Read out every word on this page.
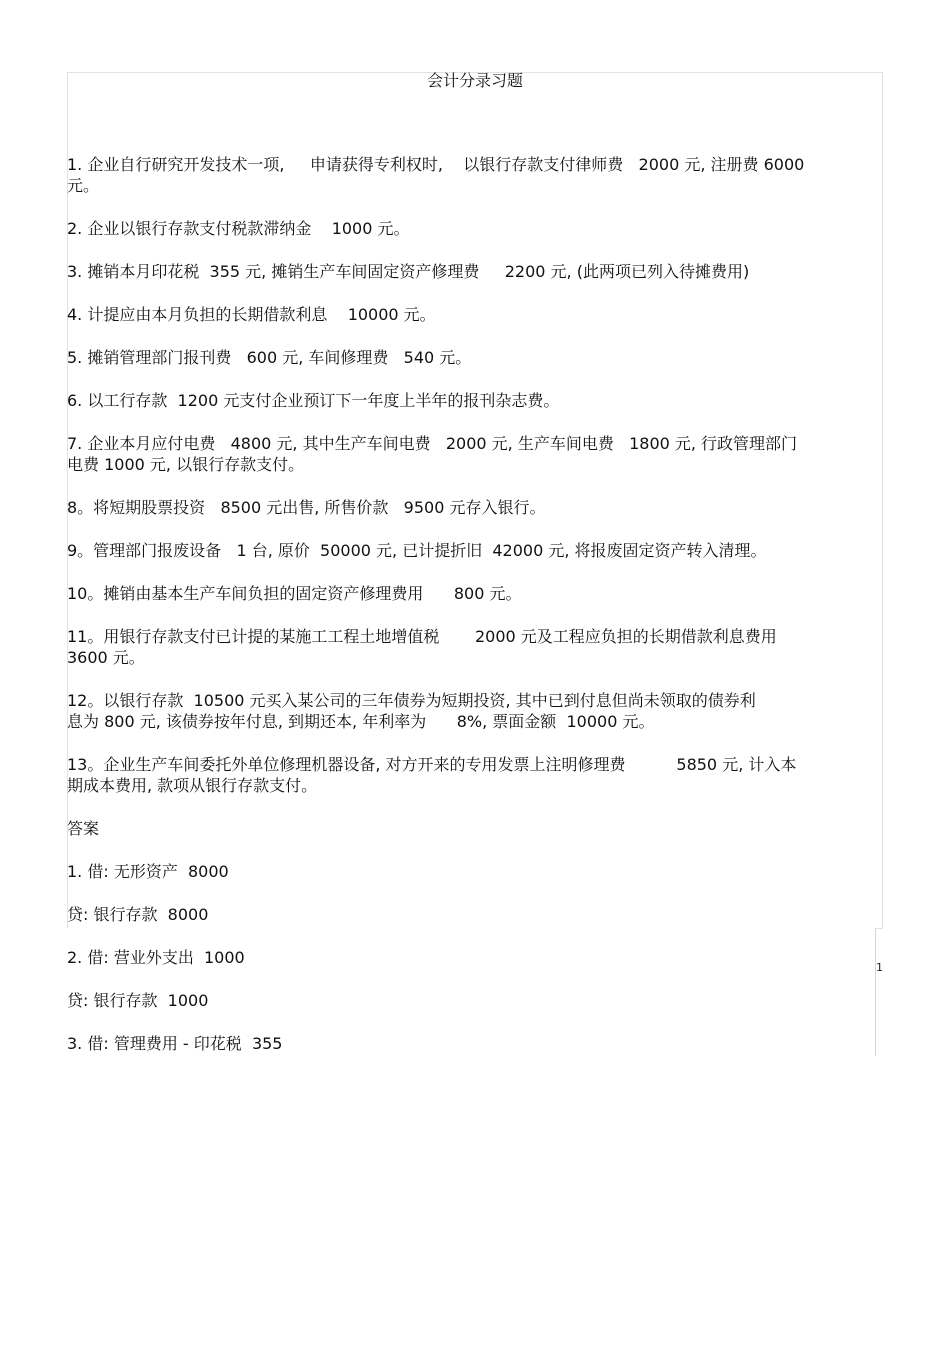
1
会计分录习题

1. 企业自行研究开发技术一项,     申请获得专利权时,    以银行存款支付律师费   2000 元, 注册费 6000
元。

2. 企业以银行存款支付税款滞纳金    1000 元。

3. 摊销本月印花税  355 元, 摊销生产车间固定资产修理费     2200 元, (此两项已列入待摊费用)

4. 计提应由本月负担的长期借款利息    10000 元。

5. 摊销管理部门报刊费   600 元, 车间修理费   540 元。

6. 以工行存款  1200 元支付企业预订下一年度上半年的报刊杂志费。

7. 企业本月应付电费   4800 元, 其中生产车间电费   2000 元, 生产车间电费   1800 元, 行政管理部门
电费 1000 元, 以银行存款支付。

8。将短期股票投资   8500 元出售, 所售价款   9500 元存入银行。

9。管理部门报废设备   1 台, 原价  50000 元, 已计提折旧  42000 元, 将报废固定资产转入清理。

10。摊销由基本生产车间负担的固定资产修理费用      800 元。

11。用银行存款支付已计提的某施工工程土地增值税       2000 元及工程应负担的长期借款利息费用
3600 元。

12。以银行存款  10500 元买入某公司的三年债券为短期投资, 其中已到付息但尚未领取的债券利
息为 800 元, 该债券按年付息, 到期还本, 年利率为      8%, 票面金额  10000 元。

13。企业生产车间委托外单位修理机器设备, 对方开来的专用发票上注明修理费          5850 元, 计入本
期成本费用, 款项从银行存款支付。

答案

1. 借: 无形资产  8000

贷: 银行存款  8000

2. 借: 营业外支出  1000

贷: 银行存款  1000

3. 借: 管理费用 - 印花税  355
